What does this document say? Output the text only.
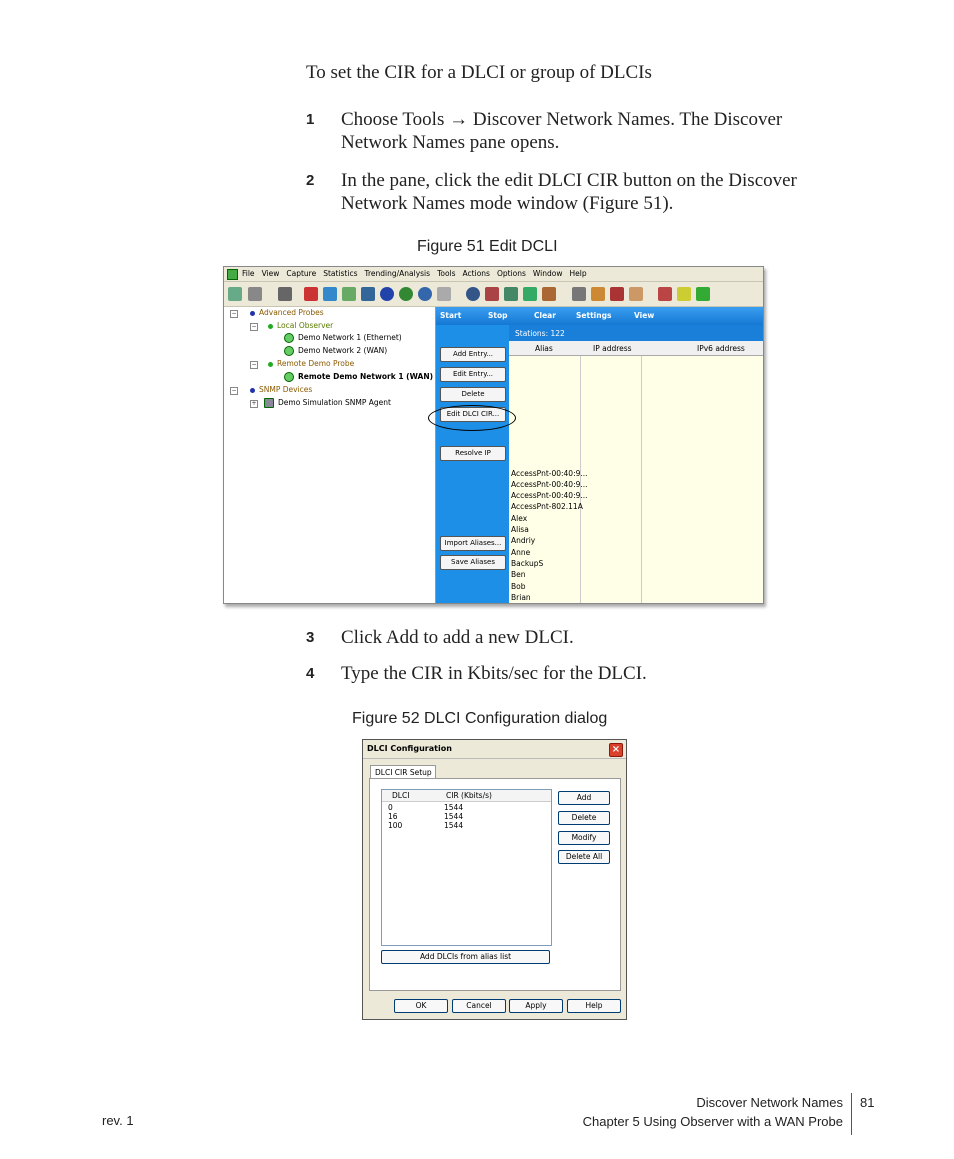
To set the CIR for a DLCI or group of DLCIs
1 Choose Tools → Discover Network Names. The Discover Network Names pane opens.
2 In the pane, click the edit DLCI CIR button on the Discover Network Names mode window (Figure 51).
Figure 51 Edit DCLI
File View Capture Statistics Trending/Analysis Tools Actions Options Window Help
−	Advanced Probes
−	Local Observer
Demo Network 1 (Ethernet)
Demo Network 2 (WAN)
−	Remote Demo Probe
Remote Demo Network 1 (WAN)
−	SNMP Devices
+	Demo Simulation SNMP Agent
Start	Stop	Clear	Settings	View
Stations: 122
Add Entry...
Edit Entry...
Delete
Edit DLCI CIR...
Resolve IP
Import Aliases...
Save Aliases
Alias	IP address	IPv6 address
AccessPnt-00:40:9...
AccessPnt-00:40:9...
AccessPnt-00:40:9...
AccessPnt-802.11A
Alex
Alisa
Andriy
Anne
BackupS
Ben
Bob
Brian
3 Click Add to add a new DLCI.
4 Type the CIR in Kbits/sec for the DLCI.
Figure 52 DLCI Configuration dialog
DLCI Configuration	×
DLCI CIR Setup
DLCI	CIR (Kbits/s)
0	1544
16	1544
100	1544
Add
Delete
Modify
Delete All
Add DLCIs from alias list
OK	Cancel	Apply	Help
rev. 1
Discover Network Names 81
Chapter 5 Using Observer with a WAN Probe
